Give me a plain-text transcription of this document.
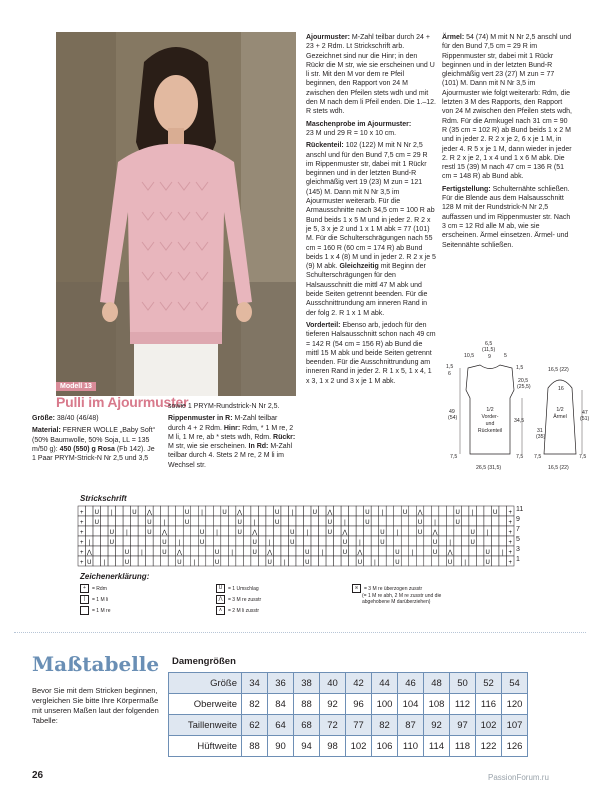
Modell 13
Pulli im Ajourmuster

Größe: 38/40 (46/48)

Material: FERNER WOLLE „Baby Soft“ (50% Baumwolle, 50% Soja, LL = 135 m/50 g): 450 (550) g Rosa (Fb 142). Je 1 Paar PRYM-Strick-N Nr 2,5 und 3,5

sowie 1 PRYM-Rundstrick-N Nr 2,5.

Rippenmuster in R: M-Zahl teilbar durch 4 + 2 Rdm. Hinr: Rdm, * 1 M re, 2 M li, 1 M re, ab * stets wdh, Rdm. Rückr: M str, wie sie erscheinen. In Rd: M-Zahl teilbar durch 4. Stets 2 M re, 2 M li im Wechsel str.

Ajourmuster: M-Zahl teilbar durch 24 + 23 + 2 Rdm. Lt Strickschrift arb. Gezeichnet sind nur die Hinr; in den Rückr die M str, wie sie erscheinen und U li str. Mit den M vor dem re Pfeil beginnen, den Rapport von 24 M zwischen den Pfeilen stets wdh und mit den M nach dem li Pfeil enden. Die 1.–12. R stets wdh.

Maschenprobe im Ajourmuster:
23 M und 29 R = 10 x 10 cm.

Rückenteil: 102 (122) M mit N Nr 2,5 anschl und für den Bund 7,5 cm = 29 R im Rippenmuster str, dabei mit 1 Rückr beginnen und in der letzten Bund-R gleichmäßig vert 19 (23) M zun = 121 (145) M. Dann mit N Nr 3,5 im Ajourmuster weiterarb. Für die Armausschnitte nach 34,5 cm = 100 R ab Bund beids 1 x 5 M und in jeder 2. R 2 x je 5, 3 x je 2 und 1 x 1 M abk = 77 (101) M. Für die Schulterschrägungen nach 55 cm = 160 R (60 cm = 174 R) ab Bund beids 1 x 4 (8) M und in jeder 2. R 2 x je 5 (9) M abk. Gleichzeitig mit Beginn der Schulterschrägungen für den Halsausschnitt die mittl 47 M abk und beide Seiten getrennt beenden. Für die Ausschnittrundung am inneren Rand in der folg 2. R 1 x 1 M abk.

Vorderteil: Ebenso arb, jedoch für den tieferen Halsausschnitt schon nach 49 cm = 142 R (54 cm = 156 R) ab Bund die mittl 15 M abk und beide Seiten getrennt beenden. Für die Ausschnittrundung am inneren Rand in jeder 2. R 1 x 5, 1 x 4, 1 x 3, 1 x 2 und 3 x je 1 M abk.

Ärmel: 54 (74) M mit N Nr 2,5 anschl und für den Bund 7,5 cm = 29 R im Rippenmuster str, dabei mit 1 Rückr beginnen und in der letzten Bund-R gleichmäßig vert 23 (27) M zun = 77 (101) M. Dann mit N Nr 3,5 im Ajourmuster wie folgt weiterarb: Rdm, die letzten 3 M des Rapports, den Rapport von 24 M zwischen den Pfeilen stets wdh, Rdm. Für die Armkugel nach 31 cm = 90 R (35 cm = 102 R) ab Bund beids 1 x 2 M und in jeder 2. R 2 x je 2, 6 x je 1 M, in jeder 4. R 5 x je 1 M, dann wieder in jeder 2. R 2 x je 2, 1 x 4 und 1 x 6 M abk. Die restl 15 (39) M nach 47 cm = 136 R (51 cm = 148 R) ab Bund abk.

Fertigstellung: Schulternähte schließen. Für die Blende aus dem Halsausschnitt 128 M mit der Rundstrick-N Nr 2,5 auffassen und im Rippenmuster str. Nach 3 cm = 12 Rd alle M ab, wie sie erscheinen. Ärmel einsetzen. Ärmel- und Seitennähte schließen.

1/2
Vorder-
und
Rückenteil
1/2
Ärmel
6,5
(11,5)
10,5	9	5
1,5
6
20,5
(25,5)
1,5
49
(54)	34,5
7,5	7,5
26,5 (31,5)
16,5 (22)
16
47
(51)
31
(35)
7,5	7,5
16,5 (22)
Strickschrift
+ U |	U ⋀	U |	U ⋀	U |	U ⋀	U |	U ⋀	U |	U +
+ U	U |	U	U |	U	U |	U	U |	U	+
+	U |	U ⋀	U |	U ⋀	U |	U ⋀	U |	U ⋀	U |	+
+ |	U	U |	U	U |	U	U |	U	U |	U	+
+ ⋀	U |	U ⋀	U |	U ⋀	U |	U ⋀	U |	U ⋀	U | +
+ U |	U	U |	U	U |	U	U |	U	U |	U	+
11
9
7
5
3
1
Zeichenerklärung:
+ = Rdm
| = 1 M li
= 1 M re
U = 1 Umschlag
⋀ = 3 M re zusstr
∧ = 2 M li zusstr
⩙ = 3 M re überzogen zusstr
(= 1 M re abh, 2 M re zusstr und die
abgehobene M darüberziehen)
Maßtabelle
Bevor Sie mit dem Stricken beginnen, vergleichen Sie bitte Ihre Körpermaße mit unseren Maßen laut der folgenden Tabelle:
Damengrößen
Größe	34	36	38	40	42	44	46	48	50	52	54
Oberweite	82	84	88	92	96	100	104	108	112	116	120
Taillenweite	62	64	68	72	77	82	87	92	97	102	107
Hüftweite	88	90	94	98	102	106	110	114	118	122	126
26	PassionForum.ru
